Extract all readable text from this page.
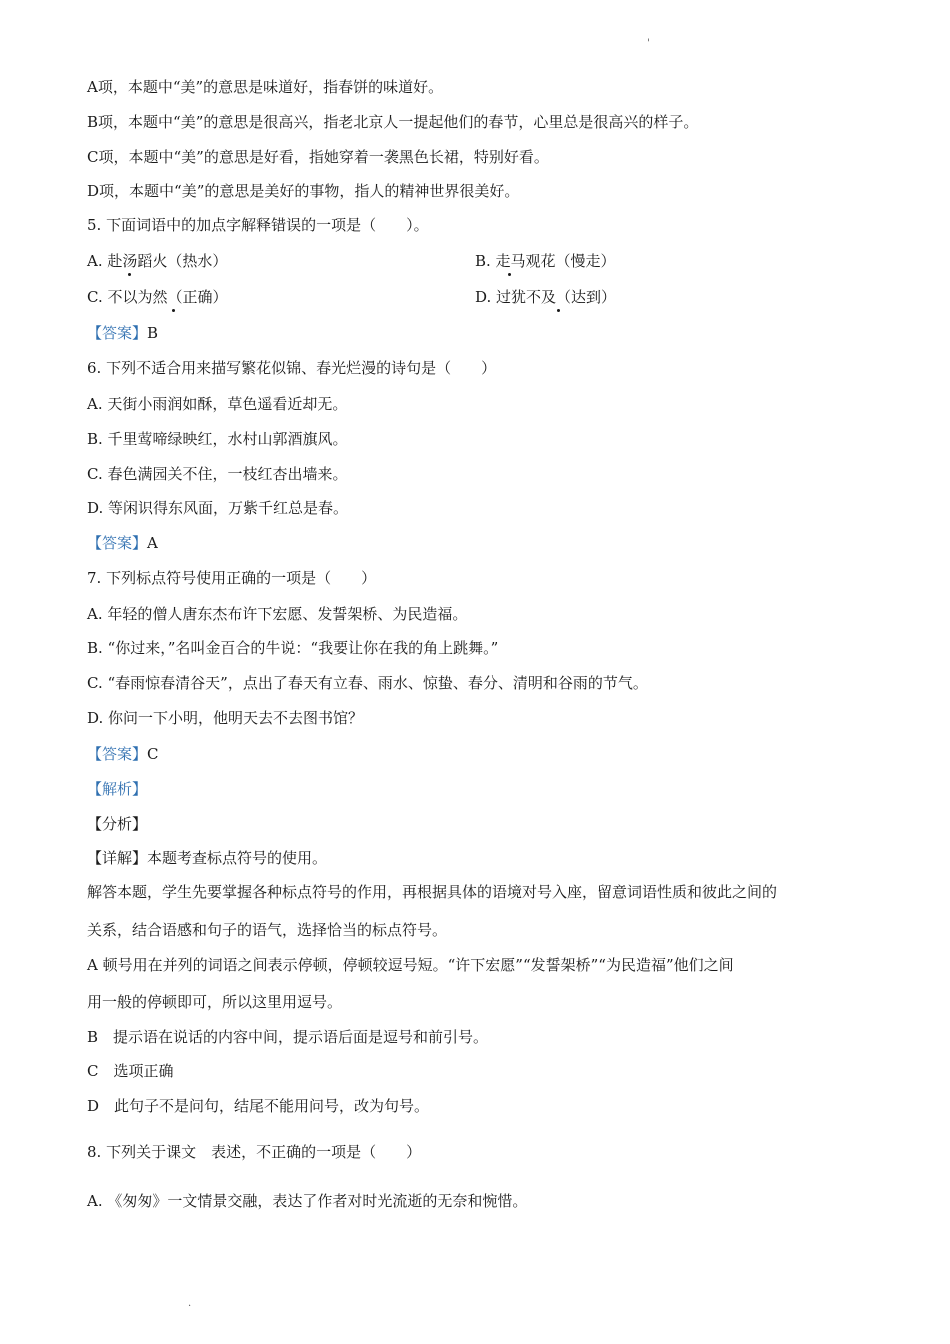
'
A项，本题中“美”的意思是味道好，指春饼的味道好。
B项，本题中“美”的意思是很高兴，指老北京人一提起他们的春节，心里总是很高兴的样子。
C项，本题中“美”的意思是好看，指她穿着一袭黑色长裙，特别好看。
D项，本题中“美”的意思是美好的事物，指人的精神世界很美好。
5. 下面词语中的加点字解释错误的一项是（　　）。
A. 赴汤蹈火（热水）	B. 走马观花（慢走）
C. 不以为然（正确）	D. 过犹不及（达到）
【答案】B
6. 下列不适合用来描写繁花似锦、春光烂漫的诗句是（　　）
A. 天街小雨润如酥，草色遥看近却无。
B. 千里莺啼绿映红，水村山郭酒旗风。
C. 春色满园关不住，一枝红杏出墙来。
D. 等闲识得东风面，万紫千红总是春。
【答案】A
7. 下列标点符号使用正确的一项是（　　）
A. 年轻的僧人唐东杰布许下宏愿、发誓架桥、为民造福。
B. “你过来，”名叫金百合的牛说：“我要让你在我的角上跳舞。”
C. “春雨惊春清谷天”，点出了春天有立春、雨水、惊蛰、春分、清明和谷雨的节气。
D. 你问一下小明，他明天去不去图书馆？
【答案】C
【解析】
【分析】
【详解】本题考查标点符号的使用。
解答本题，学生先要掌握各种标点符号的作用，再根据具体的语境对号入座，留意词语性质和彼此之间的
关系，结合语感和句子的语气，选择恰当的标点符号。
A 顿号用在并列的词语之间表示停顿，停顿较逗号短。“许下宏愿”“发誓架桥”“为民造福”他们之间
用一般的停顿即可，所以这里用逗号。
B　提示语在说话的内容中间，提示语后面是逗号和前引号。
C　选项正确
D　此句子不是问句，结尾不能用问号，改为句号。
8. 下列关于课文　表述，不正确的一项是（　　）
A. 《匆匆》一文情景交融，表达了作者对时光流逝的无奈和惋惜。
.
